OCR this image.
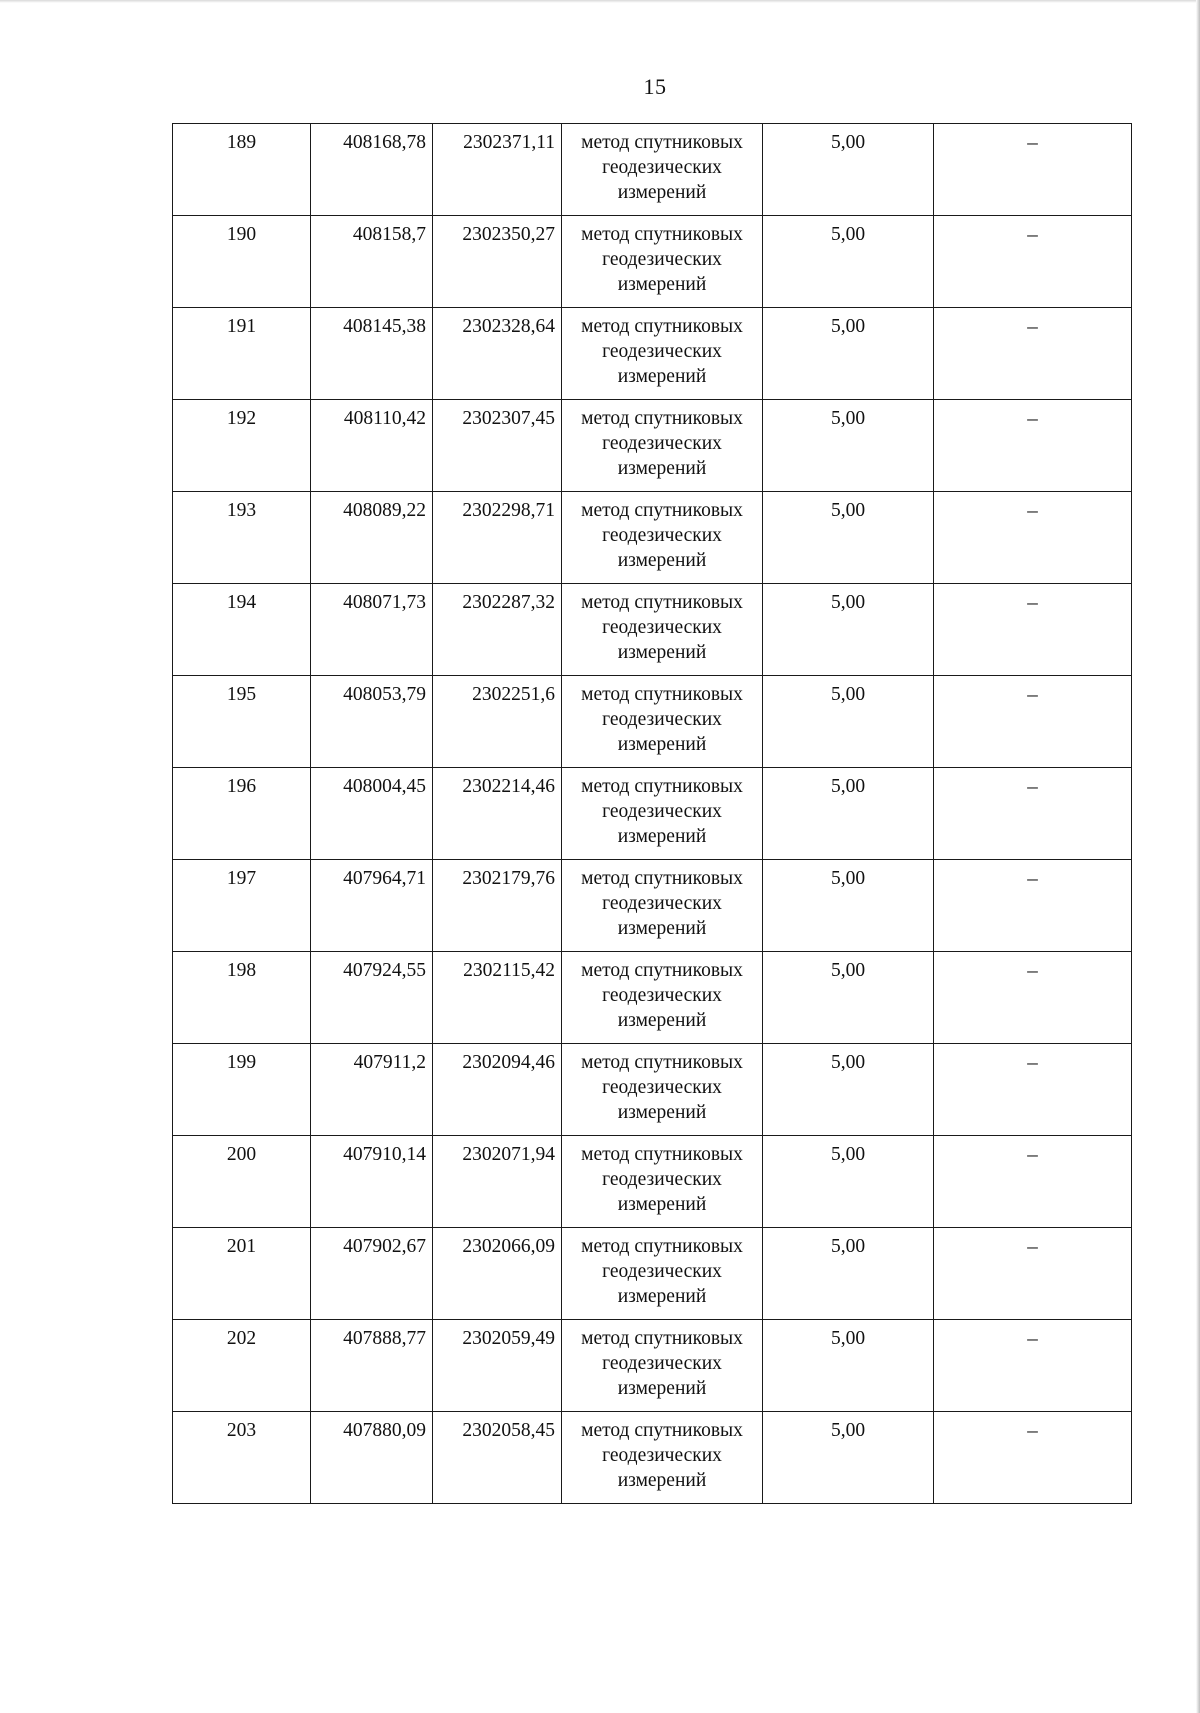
15
189	408168,78	2302371,11	метод спутниковых геодезических измерений	5,00	–
190	408158,7	2302350,27	метод спутниковых геодезических измерений	5,00	–
191	408145,38	2302328,64	метод спутниковых геодезических измерений	5,00	–
192	408110,42	2302307,45	метод спутниковых геодезических измерений	5,00	–
193	408089,22	2302298,71	метод спутниковых геодезических измерений	5,00	–
194	408071,73	2302287,32	метод спутниковых геодезических измерений	5,00	–
195	408053,79	2302251,6	метод спутниковых геодезических измерений	5,00	–
196	408004,45	2302214,46	метод спутниковых геодезических измерений	5,00	–
197	407964,71	2302179,76	метод спутниковых геодезических измерений	5,00	–
198	407924,55	2302115,42	метод спутниковых геодезических измерений	5,00	–
199	407911,2	2302094,46	метод спутниковых геодезических измерений	5,00	–
200	407910,14	2302071,94	метод спутниковых геодезических измерений	5,00	–
201	407902,67	2302066,09	метод спутниковых геодезических измерений	5,00	–
202	407888,77	2302059,49	метод спутниковых геодезических измерений	5,00	–
203	407880,09	2302058,45	метод спутниковых геодезических измерений	5,00	–
